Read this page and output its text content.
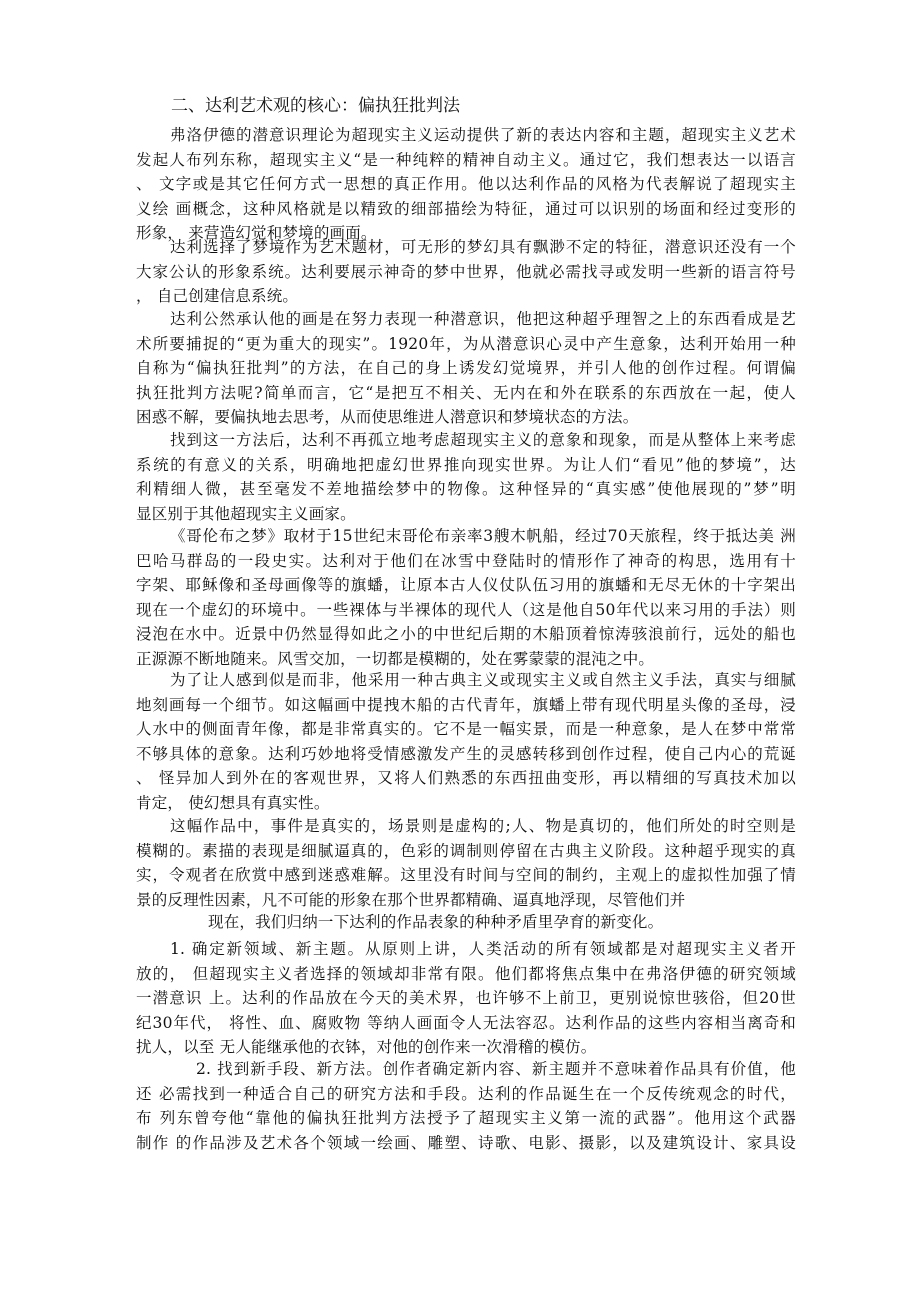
二、达利艺术观的核心：偏执狂批判法
弗洛伊德的潜意识理论为超现实主义运动提供了新的表达内容和主题，超现实主义艺术
发起人布列东称，超现实主义“是一种纯粹的精神自动主义。通过它，我们想表达一以语言
、 文字或是其它任何方式一思想的真正作用。他以达利作品的风格为代表解说了超现实主
义绘 画概念，这种风格就是以精致的细部描绘为特征，通过可以识别的场面和经过变形的
形象， 来营造幻觉和梦境的画面。
达利选择了梦境作为艺术题材，可无形的梦幻具有飘渺不定的特征，潜意识还没有一个
大家公认的形象系统。达利要展示神奇的梦中世界，他就必需找寻或发明一些新的语言符号
， 自己创建信息系统。
达利公然承认他的画是在努力表现一种潜意识，他把这种超乎理智之上的东西看成是艺
术所要捕捉的“更为重大的现实”。1920年，为从潜意识心灵中产生意象，达利开始用一种
自称为“偏执狂批判”的方法，在自己的身上诱发幻觉境界，并引人他的创作过程。何谓偏
执狂批判方法呢?简单而言，它“是把互不相关、无内在和外在联系的东西放在一起，使人
困惑不解，要偏执地去思考，从而使思维进人潜意识和梦境状态的方法。
找到这一方法后，达利不再孤立地考虑超现实主义的意象和现象，而是从整体上来考虑
系统的有意义的关系，明确地把虚幻世界推向现实世界。为让人们“看见”他的梦境”，达
利精细人微，甚至毫发不差地描绘梦中的物像。这种怪异的“真实感”使他展现的”梦”明
显区别于其他超现实主义画家。
《哥伦布之梦》取材于15世纪末哥伦布亲率3艘木帆船，经过70天旅程，终于抵达美 洲
巴哈马群岛的一段史实。达利对于他们在冰雪中登陆时的情形作了神奇的构思，选用有十
字架、耶稣像和圣母画像等的旗蟠，让原本古人仪仗队伍习用的旗蟠和无尽无休的十字架出
现在一个虚幻的环境中。一些裸体与半裸体的现代人（这是他自50年代以来习用的手法）则
浸泡在水中。近景中仍然显得如此之小的中世纪后期的木船顶着惊涛骇浪前行，远处的船也
正源源不断地随来。风雪交加，一切都是模糊的，处在雾蒙蒙的混沌之中。
为了让人感到似是而非，他采用一种古典主义或现实主义或自然主义手法，真实与细腻
地刻画每一个细节。如这幅画中提拽木船的古代青年，旗蟠上带有现代明星头像的圣母，浸
人水中的侧面青年像，都是非常真实的。它不是一幅实景，而是一种意象，是人在梦中常常
不够具体的意象。达利巧妙地将受情感激发产生的灵感转移到创作过程，使自己内心的荒诞
、 怪异加人到外在的客观世界，又将人们熟悉的东西扭曲变形，再以精细的写真技术加以
肯定， 使幻想具有真实性。
这幅作品中，事件是真实的，场景则是虚构的;人、物是真切的，他们所处的时空则是
模糊的。素描的表现是细腻逼真的，色彩的调制则停留在古典主义阶段。这种超乎现实的真
实，令观者在欣赏中感到迷惑难解。这里没有时间与空间的制约，主观上的虚拟性加强了情
景的反理性因素，凡不可能的形象在那个世界都精确、逼真地浮现，尽管他们并
现在，我们归纳一下达利的作品表象的种种矛盾里孕育的新变化。
1. 确定新领域、新主题。从原则上讲，人类活动的所有领域都是对超现实主义者开
放的， 但超现实主义者选择的领域却非常有限。他们都将焦点集中在弗洛伊德的研究领域
一潜意识 上。达利的作品放在今天的美术界，也许够不上前卫，更别说惊世骇俗，但20世
纪30年代， 将性、血、腐败物 等纳人画面令人无法容忍。达利作品的这些内容相当离奇和
扰人，以至 无人能继承他的衣钵，对他的创作来一次滑稽的模仿。
2. 找到新手段、新方法。创作者确定新内容、新主题并不意味着作品具有价值，他
还 必需找到一种适合自己的研究方法和手段。达利的作品诞生在一个反传统观念的时代，
布 列东曾夸他“靠他的偏执狂批判方法授予了超现实主义第一流的武器”。他用这个武器
制作 的作品涉及艺术各个领域一绘画、雕塑、诗歌、电影、摄影，以及建筑设计、家具设
